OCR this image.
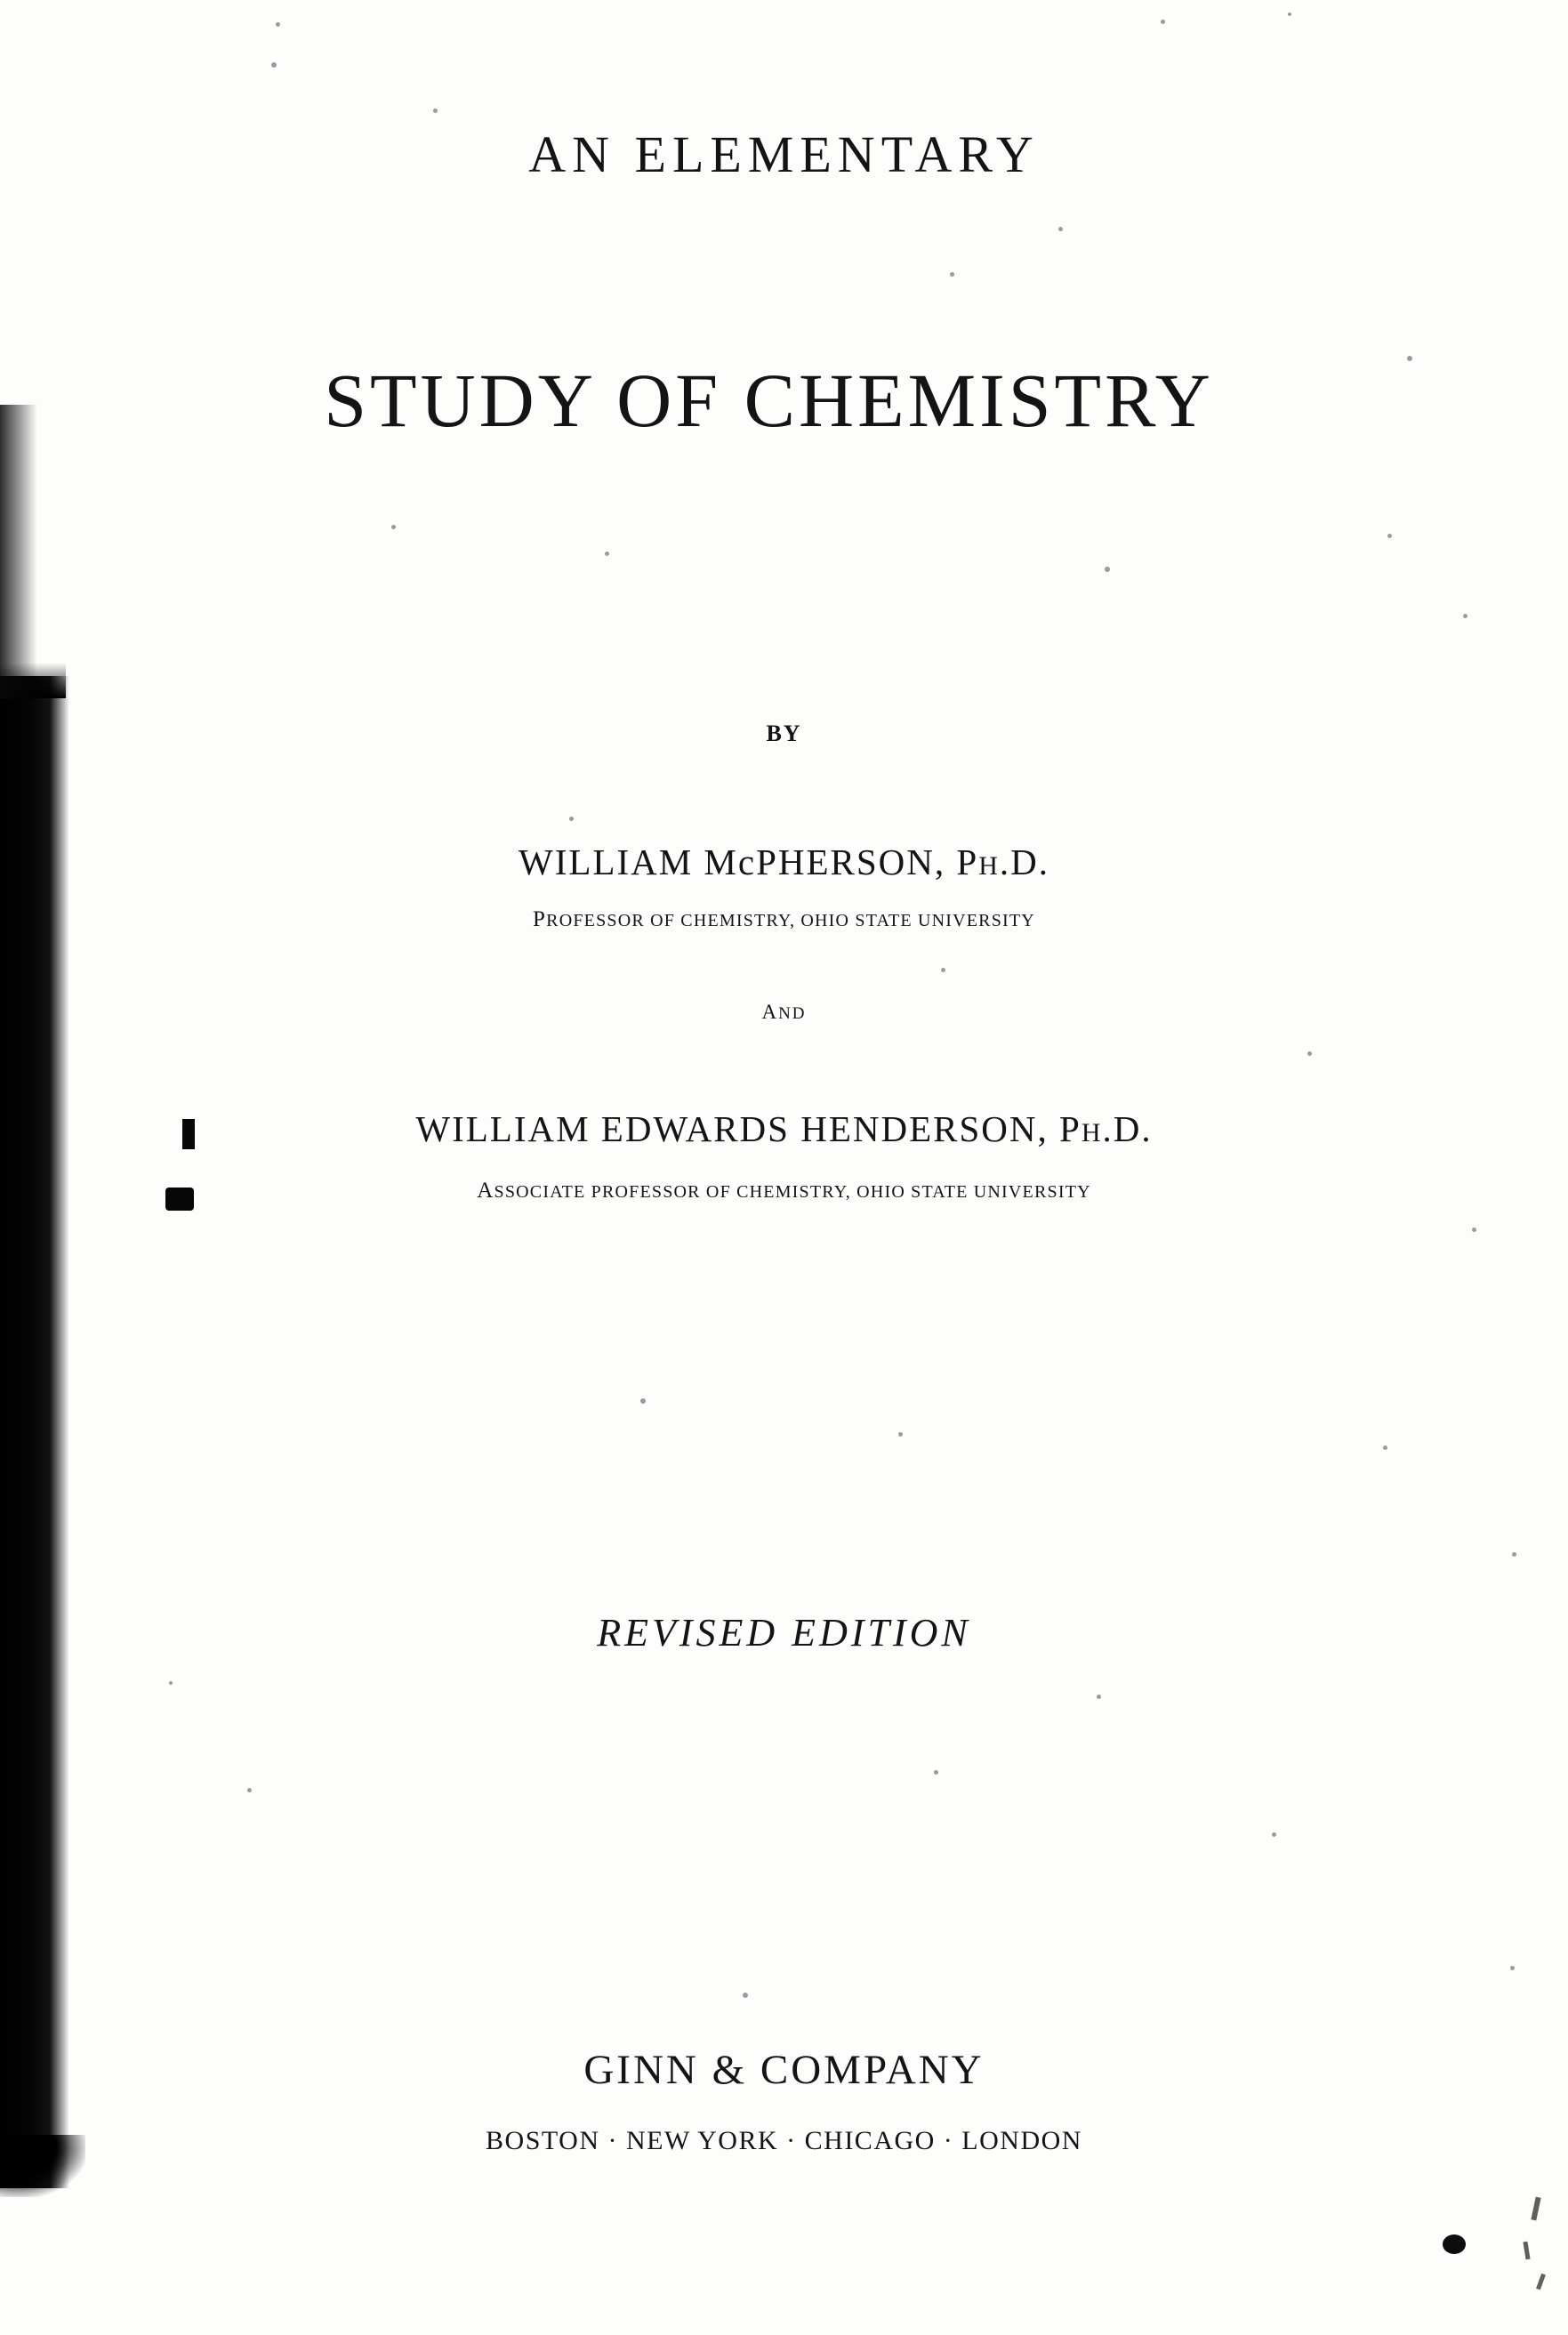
AN ELEMENTARY
STUDY OF CHEMISTRY
BY
WILLIAM McPHERSON, PH.D.
PROFESSOR OF CHEMISTRY, OHIO STATE UNIVERSITY
AND
WILLIAM EDWARDS HENDERSON, PH.D.
ASSOCIATE PROFESSOR OF CHEMISTRY, OHIO STATE UNIVERSITY
REVISED EDITION
GINN & COMPANY
BOSTON · NEW YORK · CHICAGO · LONDON
